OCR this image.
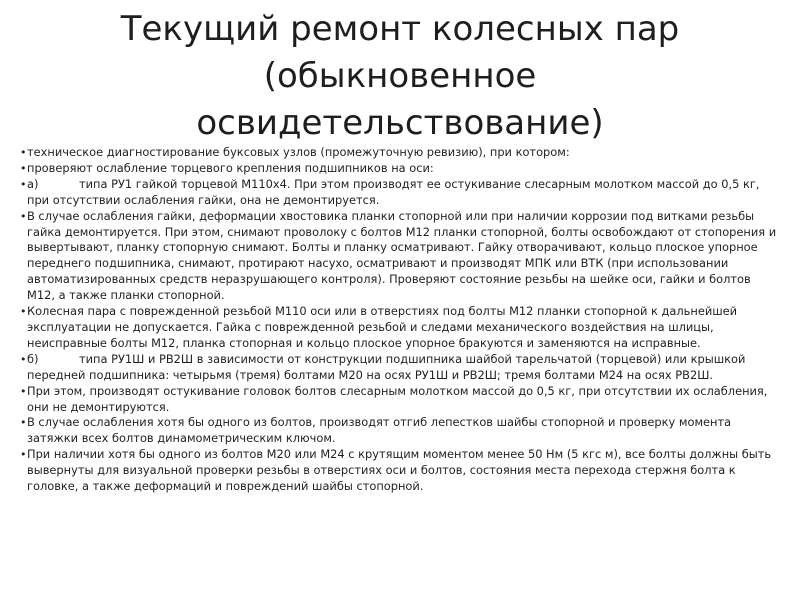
Текущий ремонт колесных пар (обыкновенное освидетельствование)

• техническое диагностирование буксовых узлов (промежуточную ревизию), при котором:

• проверяют ослабление торцевого крепления подшипников на оси:

• а)	типа РУ1 гайкой торцевой М110х4. При этом производят ее остукивание слесарным молотком массой до 0,5 кг, при отсутствии ослабления гайки, она не демонтируется.

• В случае ослабления гайки, деформации хвостовика планки стопорной или при наличии коррозии под витками резьбы гайка демонтируется. При этом, снимают проволоку с болтов М12 планки стопорной, болты освобождают от стопорения и вывертывают, планку стопорную снимают. Болты и планку осматривают. Гайку отворачивают, кольцо плоское упорное переднего подшипника, снимают, протирают насухо, осматривают и производят МПК или ВТК (при использовании автоматизированных средств неразрушающего контроля). Проверяют состояние резьбы на шейке оси, гайки и болтов М12, а также планки стопорной.

• Колесная пара с поврежденной резьбой М110 оси или в отверстиях под болты М12 планки стопорной к дальнейшей эксплуатации не допускается. Гайка с поврежденной резьбой и следами механического воздействия на шлицы, неисправные болты М12, планка стопорная и кольцо плоское упорное бракуются и заменяются на исправные.

• б)	типа РУ1Ш и РВ2Ш в зависимости от конструкции подшипника шайбой тарельчатой (торцевой) или крышкой передней подшипника: четырьмя (тремя) болтами М20 на осях РУ1Ш и РВ2Ш; тремя болтами М24 на осях РВ2Ш.

• При этом, производят остукивание головок болтов слесарным молотком массой до 0,5 кг, при отсутствии их ослабления, они не демонтируются.

• В случае ослабления хотя бы одного из болтов, производят отгиб лепестков шайбы стопорной и проверку момента затяжки всех болтов динамометрическим ключом.

• При наличии хотя бы одного из болтов М20 или М24 с крутящим моментом менее 50 Нм (5 кгс м), все болты должны быть вывернуты для визуальной проверки резьбы в отверстиях оси и болтов, состояния места перехода стержня болта к головке, а также деформаций и повреждений шайбы стопорной.
